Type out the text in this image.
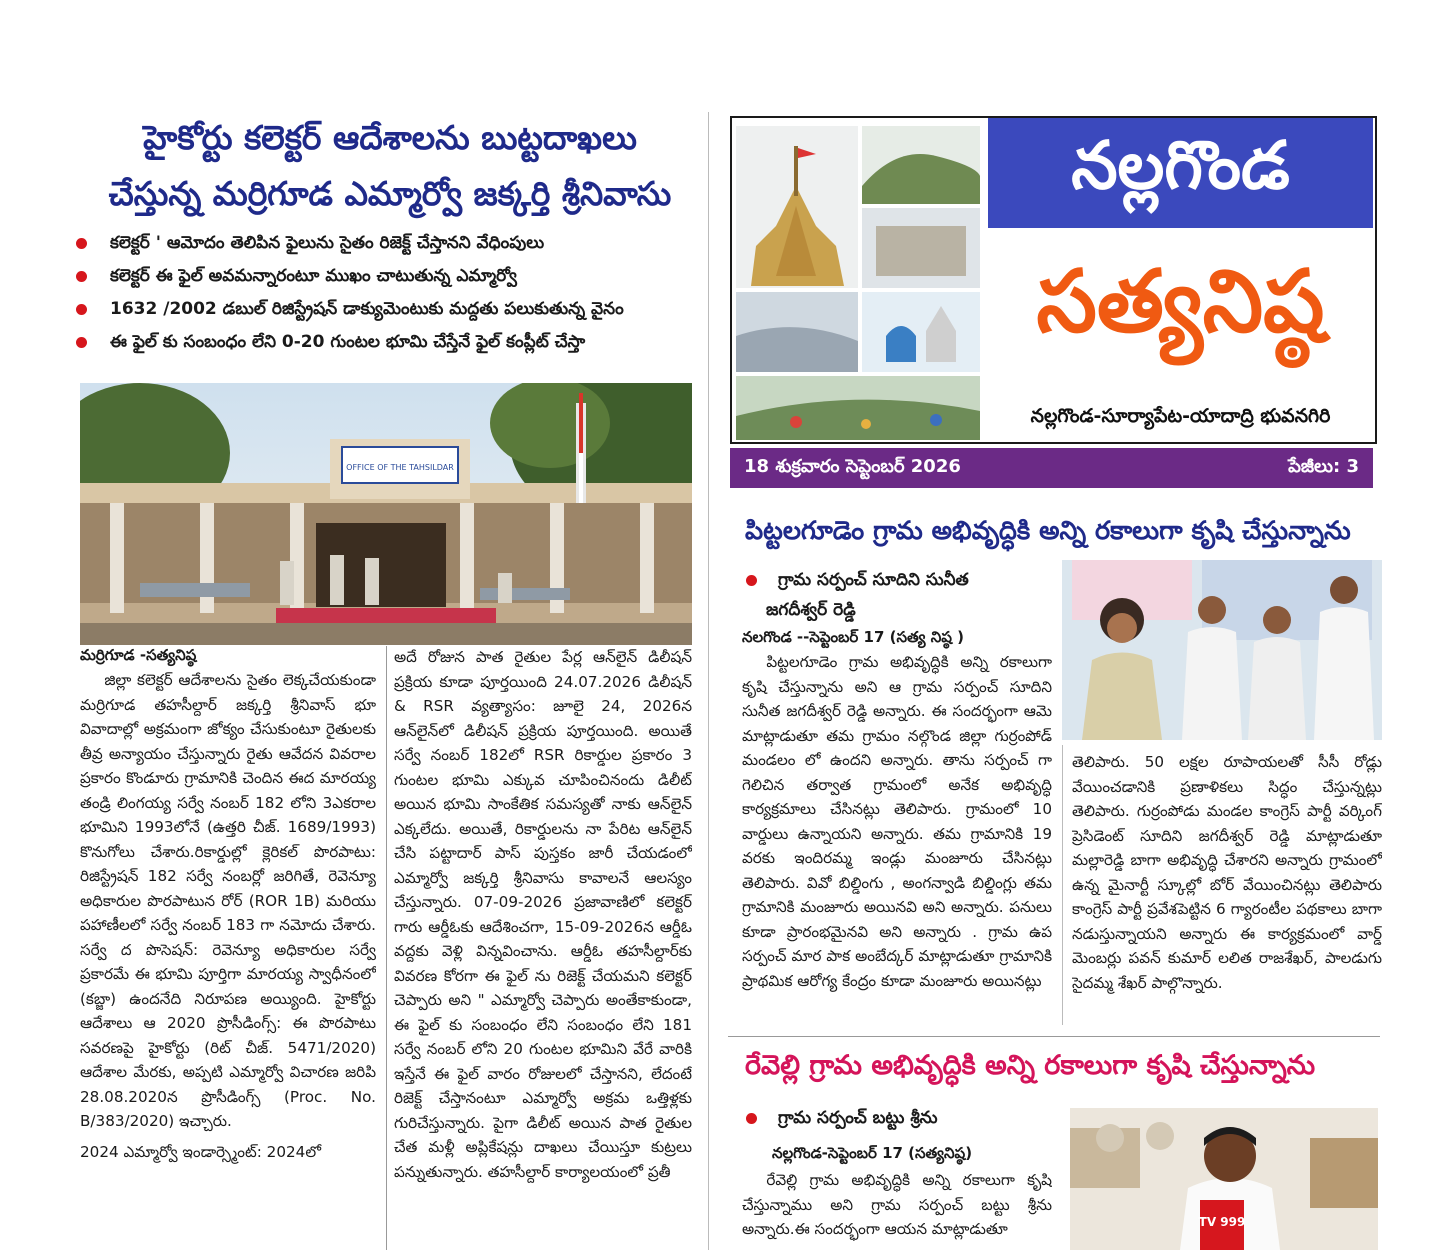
హైకోర్టు కలెక్టర్ ఆదేశాలను బుట్టదాఖలు
చేస్తున్న మర్రిగూడ ఎమ్మార్వో జక్కర్తి శ్రీనివాసు
కలెక్టర్ ' ఆమోదం తెలిపిన ఫైలును సైతం రిజెక్ట్ చేస్తానని వేధింపులు
కలెక్టర్ ఈ ఫైల్ అవమన్నారంటూ ముఖం చాటుతున్న ఎమ్మార్వో
1632 /2002 డబుల్ రిజిస్ట్రేషన్ డాక్యుమెంటుకు మద్దతు పలుకుతున్న వైనం
ఈ ఫైల్ కు సంబంధం లేని 0-20 గుంటల భూమి చేస్తేనే ఫైల్ కంప్లీట్ చేస్తా
OFFICE OF THE TAHSILDAR
మర్రిగూడ -సత్యనిష్ఠ

జిల్లా కలెక్టర్ ఆదేశాలను సైతం లెక్కచేయకుండా మర్రిగూడ తహసీల్దార్ జక్కర్తి శ్రీనివాస్ భూ వివాదాల్లో అక్రమంగా జోక్యం చేసుకుంటూ రైతులకు తీవ్ర అన్యాయం చేస్తున్నారు రైతు ఆవేదన వివరాల ప్రకారం కొండూరు గ్రామానికి చెందిన ఈద మారయ్య తండ్రి లింగయ్య సర్వే నంబర్ 182 లోని 3ఎకరాల భూమిని 1993లోనే (ఉత్తరి చీజ్. 1689/1993) కొనుగోలు చేశారు.రికార్డుల్లో క్లెరికల్ పొరపాటు: రిజిస్ట్రేషన్ 182 సర్వే నంబర్లో జరిగితే, రెవెన్యూ అధికారుల పొరపాటున రోర్ (ROR 1B) మరియు పహాణీలలో సర్వే నంబర్ 183 గా నమోదు చేశారు. సర్వే ద పొసెషన్: రెవెన్యూ అధికారుల సర్వే ప్రకారమే ఈ భూమి పూర్తిగా మారయ్య స్వాధీనంలో (కబ్జా) ఉందనేది నిరూపణ అయ్యింది. హైకోర్టు ఆదేశాలు ఆ 2020 ప్రొసీడింగ్స్: ఈ పొరపాటు సవరణపై హైకోర్టు (రిట్ చీజ్. 5471/2020) ఆదేశాల మేరకు, అప్పటి ఎమ్మార్వో విచారణ జరిపి 28.08.2020న ప్రొసీడింగ్స్ (Proc. No. B/383/2020) ఇచ్చారు.

2024 ఎమ్మార్వో ఇండార్స్మెంట్: 2024లో

అదే రోజున పాత రైతుల పేర్ల ఆన్‌లైన్ డిలీషన్ ప్రక్రియ కూడా పూర్తయింది 24.07.2026 డిలీషన్ & RSR వ్యత్యాసం: జూలై 24, 2026న ఆన్‌లైన్‌లో డిలీషన్ ప్రక్రియ పూర్తయింది. అయితే సర్వే నంబర్ 182లో RSR రికార్డుల ప్రకారం 3 గుంటల భూమి ఎక్కువ చూపించినందు డిలీట్ అయిన భూమి సాంకేతిక సమస్యతో నాకు ఆన్‌లైన్ ఎక్కలేదు. అయితే, రికార్డులను నా పేరిట ఆన్‌లైన్ చేసి పట్టాదార్ పాస్ పుస్తకం జారీ చేయడంలో ఎమ్మార్వో జక్కర్తి శ్రీనివాసు కావాలనే ఆలస్యం చేస్తున్నారు. 07-09-2026 ప్రజావాణిలో కలెక్టర్ గారు ఆర్డీఓకు ఆదేశించగా, 15-09-2026న ఆర్డీఓ వద్దకు వెళ్లి విన్నవించాను. ఆర్డీఓ తహసీల్దార్‌కు వివరణ కోరగా ఈ ఫైల్ ను రిజెక్ట్ చేయమని కలెక్టర్ చెప్పారు అని " ఎమ్మార్వో చెప్పారు అంతేకాకుండా, ఈ ఫైల్ కు సంబంధం లేని సంబంధం లేని 181 సర్వే నంబర్ లోని 20 గుంటల భూమిని వేరే వారికి ఇస్తేనే ఈ ఫైల్ వారం రోజులలో చేస్తానని, లేదంటే రిజెక్ట్ చేస్తానంటూ ఎమ్మార్వో అక్రమ ఒత్తిళ్లకు గురిచేస్తున్నారు. పైగా డిలీట్ అయిన పాత రైతుల చేత మళ్లీ అప్లికేషన్లు దాఖలు చేయిస్తూ కుట్రలు పన్నుతున్నారు. తహసీల్దార్ కార్యాలయంలో ప్రతీ

నల్లగొండ
సత్యనిష్ఠ
నల్లగొండ-సూర్యాపేట-యాదాద్రి భువనగిరి
18 శుక్రవారం సెప్టెంబర్ 2026	పేజీలు: 3
పిట్టలగూడెం గ్రామ అభివృద్ధికి అన్ని రకాలుగా కృషి చేస్తున్నాను
గ్రామ సర్పంచ్ సూదిని సునీత
జగదీశ్వర్ రెడ్డి
నలగొండ --సెప్టెంబర్ 17 (సత్య నిష్ఠ )

పిట్టలగూడెం గ్రామ అభివృద్ధికి అన్ని రకాలుగా కృషి చేస్తున్నాను అని ఆ గ్రామ సర్పంచ్ సూదిని సునీత జగదీశ్వర్ రెడ్డి అన్నారు. ఈ సందర్భంగా ఆమె మాట్లాడుతూ తమ గ్రామం నల్గొండ జిల్లా గుర్రంపోడ్ మండలం లో ఉందని అన్నారు. తాను సర్పంచ్ గా గెలిచిన తర్వాత గ్రామంలో అనేక అభివృద్ధి కార్యక్రమాలు చేసినట్లు తెలిపారు. గ్రామంలో 10 వార్డులు ఉన్నాయని అన్నారు. తమ గ్రామానికి 19 వరకు ఇందిరమ్మ ఇండ్లు మంజూరు చేసినట్లు తెలిపారు. వివో బిల్డింగు , అంగన్వాడి బిల్డింగ్లు తమ గ్రామానికి మంజూరు అయినవి అని అన్నారు. పనులు కూడా ప్రారంభమైనవి అని అన్నారు . గ్రామ ఉప సర్పంచ్ మార పాక అంబేద్కర్ మాట్లాడుతూ గ్రామానికి ప్రాథమిక ఆరోగ్య కేంద్రం కూడా మంజూరు అయినట్లు

తెలిపారు. 50 లక్షల రూపాయలతో సీసీ రోడ్లు వేయించడానికి ప్రణాళికలు సిద్ధం చేస్తున్నట్లు తెలిపారు. గుర్రంపోడు మండల కాంగ్రెస్ పార్టీ వర్కింగ్ ప్రెసిడెంట్ సూదిని జగదీశ్వర్ రెడ్డి మాట్లాడుతూ మల్లారెడ్డి బాగా అభివృద్ధి చేశారని అన్నారు గ్రామంలో ఉన్న మైనార్టీ స్కూల్లో బోర్ వేయించినట్లు తెలిపారు కాంగ్రెస్ పార్టీ ప్రవేశపెట్టిన 6 గ్యారంటీల పథకాలు బాగా నడుస్తున్నాయని అన్నారు ఈ కార్యక్రమంలో వార్డ్ మెంబర్లు పవన్ కుమార్ లలిత రాజశేఖర్, పాలడుగు సైదమ్మ శేఖర్ పాల్గొన్నారు.

రేవెల్లి గ్రామ అభివృద్ధికి అన్ని రకాలుగా కృషి చేస్తున్నాను
గ్రామ సర్పంచ్ బట్టు శ్రీను
నల్లగొండ-సెప్టెంబర్ 17 (సత్యనిష్ఠ)

రేవెల్లి గ్రామ అభివృద్ధికి అన్ని రకాలుగా కృషి చేస్తున్నాము అని గ్రామ సర్పంచ్ బట్టు శ్రీను అన్నారు.ఈ సందర్భంగా ఆయన మాట్లాడుతూ	TV 999
